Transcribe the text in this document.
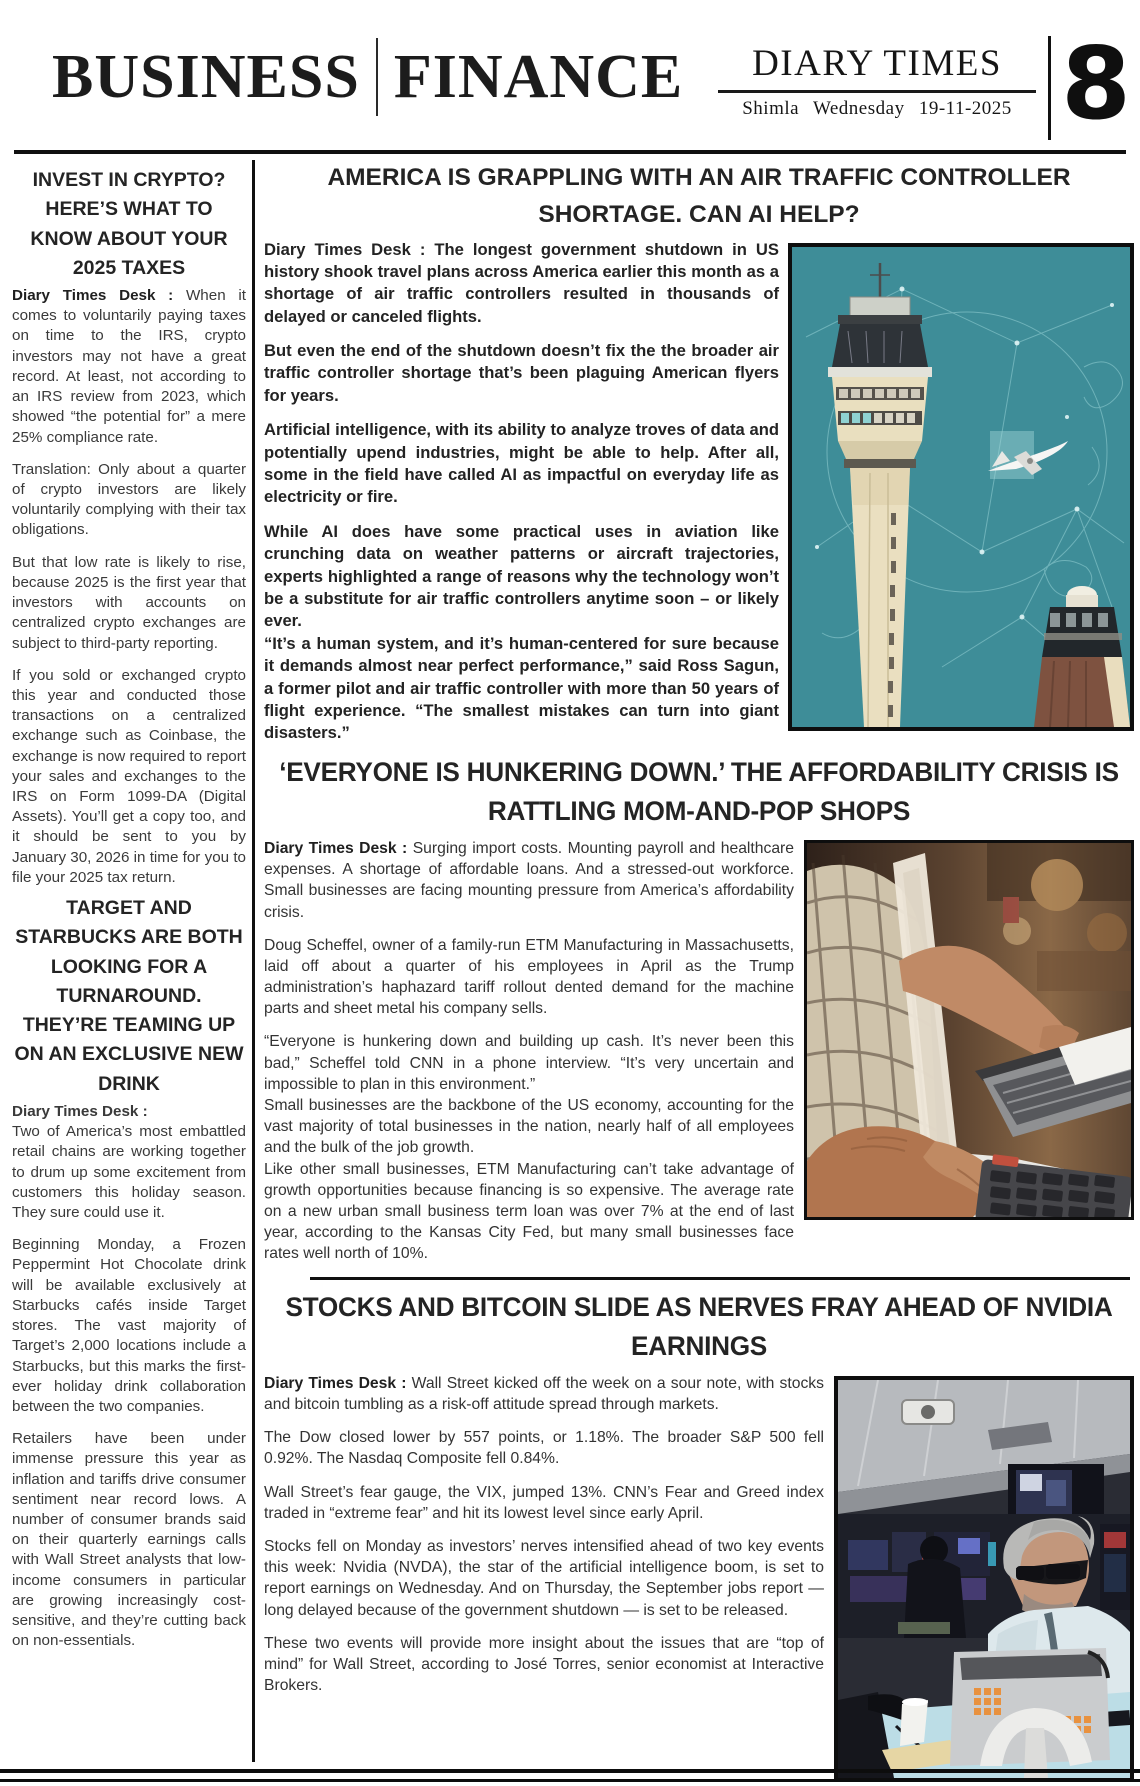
BUSINESS FINANCE	DIARY TIMES
Shimla Wednesday 19-11-2025 8
INVEST IN CRYPTO? HERE’S WHAT TO KNOW ABOUT YOUR 2025 TAXES

Diary Times Desk : When it comes to voluntarily paying taxes on time to the IRS, crypto investors may not have a great record. At least, not according to an IRS review from 2023, which showed “the potential for” a mere 25% compliance rate.

Translation: Only about a quarter of crypto investors are likely voluntarily complying with their tax obligations.

But that low rate is likely to rise, because 2025 is the first year that investors with accounts on centralized crypto exchanges are subject to third-party reporting.

If you sold or exchanged crypto this year and conducted those transactions on a centralized exchange such as Coinbase, the exchange is now required to report your sales and exchanges to the IRS on Form 1099-DA (Digital Assets). You’ll get a copy too, and it should be sent to you by January 30, 2026 in time for you to file your 2025 tax return.

TARGET AND STARBUCKS ARE BOTH LOOKING FOR A TURNAROUND. THEY’RE TEAMING UP ON AN EXCLUSIVE NEW DRINK

Diary Times Desk :

Two of America’s most embattled retail chains are working together to drum up some excitement from customers this holiday season. They sure could use it.

Beginning Monday, a Frozen Peppermint Hot Chocolate drink will be available exclusively at Starbucks cafés inside Target stores. The vast majority of Target’s 2,000 locations include a Starbucks, but this marks the first-ever holiday drink collaboration between the two companies.

Retailers have been under immense pressure this year as inflation and tariffs drive consumer sentiment near record lows. A number of consumer brands said on their quarterly earnings calls with Wall Street analysts that low-income consumers in particular are growing increasingly cost-sensitive, and they’re cutting back on non-essentials.

AMERICA IS GRAPPLING WITH AN AIR TRAFFIC CONTROLLER SHORTAGE. CAN AI HELP?

Diary Times Desk : The longest government shutdown in US history shook travel plans across America earlier this month as a shortage of air traffic controllers resulted in thousands of delayed or canceled flights.

But even the end of the shutdown doesn’t fix the the broader air traffic controller shortage that’s been plaguing American flyers for years.

Artificial intelligence, with its ability to analyze troves of data and potentially upend industries, might be able to help. After all, some in the field have called AI as impactful on everyday life as electricity or fire.

While AI does have some practical uses in aviation like crunching data on weather patterns or aircraft trajectories, experts highlighted a range of reasons why the technology won’t be a substitute for air traffic controllers anytime soon – or likely ever.

“It’s a human system, and it’s human-centered for sure because it demands almost near perfect performance,” said Ross Sagun, a former pilot and air traffic controller with more than 50 years of flight experience. “The smallest mistakes can turn into giant disasters.”

‘EVERYONE IS HUNKERING DOWN.’ THE AFFORDABILITY CRISIS IS RATTLING MOM-AND-POP SHOPS

Diary Times Desk : Surging import costs. Mounting payroll and healthcare expenses. A shortage of affordable loans. And a stressed-out workforce. Small businesses are facing mounting pressure from America’s affordability crisis.

Doug Scheffel, owner of a family-run ETM Manufacturing in Massachusetts, laid off about a quarter of his employees in April as the Trump administration’s haphazard tariff rollout dented demand for the machine parts and sheet metal his company sells.

“Everyone is hunkering down and building up cash. It’s never been this bad,” Scheffel told CNN in a phone interview. “It’s very uncertain and impossible to plan in this environment.”

Small businesses are the backbone of the US economy, accounting for the vast majority of total businesses in the nation, nearly half of all employees and the bulk of the job growth.

Like other small businesses, ETM Manufacturing can’t take advantage of growth opportunities because financing is so expensive. The average rate on a new urban small business term loan was over 7% at the end of last year, according to the Kansas City Fed, but many small businesses face rates well north of 10%.

STOCKS AND BITCOIN SLIDE AS NERVES FRAY AHEAD OF NVIDIA EARNINGS

Diary Times Desk : Wall Street kicked off the week on a sour note, with stocks and bitcoin tumbling as a risk-off attitude spread through markets.

The Dow closed lower by 557 points, or 1.18%. The broader S&P 500 fell 0.92%. The Nasdaq Composite fell 0.84%.

Wall Street’s fear gauge, the VIX, jumped 13%. CNN’s Fear and Greed index traded in “extreme fear” and hit its lowest level since early April.

Stocks fell on Monday as investors’ nerves intensified ahead of two key events this week: Nvidia (NVDA), the star of the artificial intelligence boom, is set to report earnings on Wednesday. And on Thursday, the September jobs report — long delayed because of the government shutdown — is set to be released.

These two events will provide more insight about the issues that are “top of mind” for Wall Street, according to José Torres, senior economist at Interactive Brokers.
